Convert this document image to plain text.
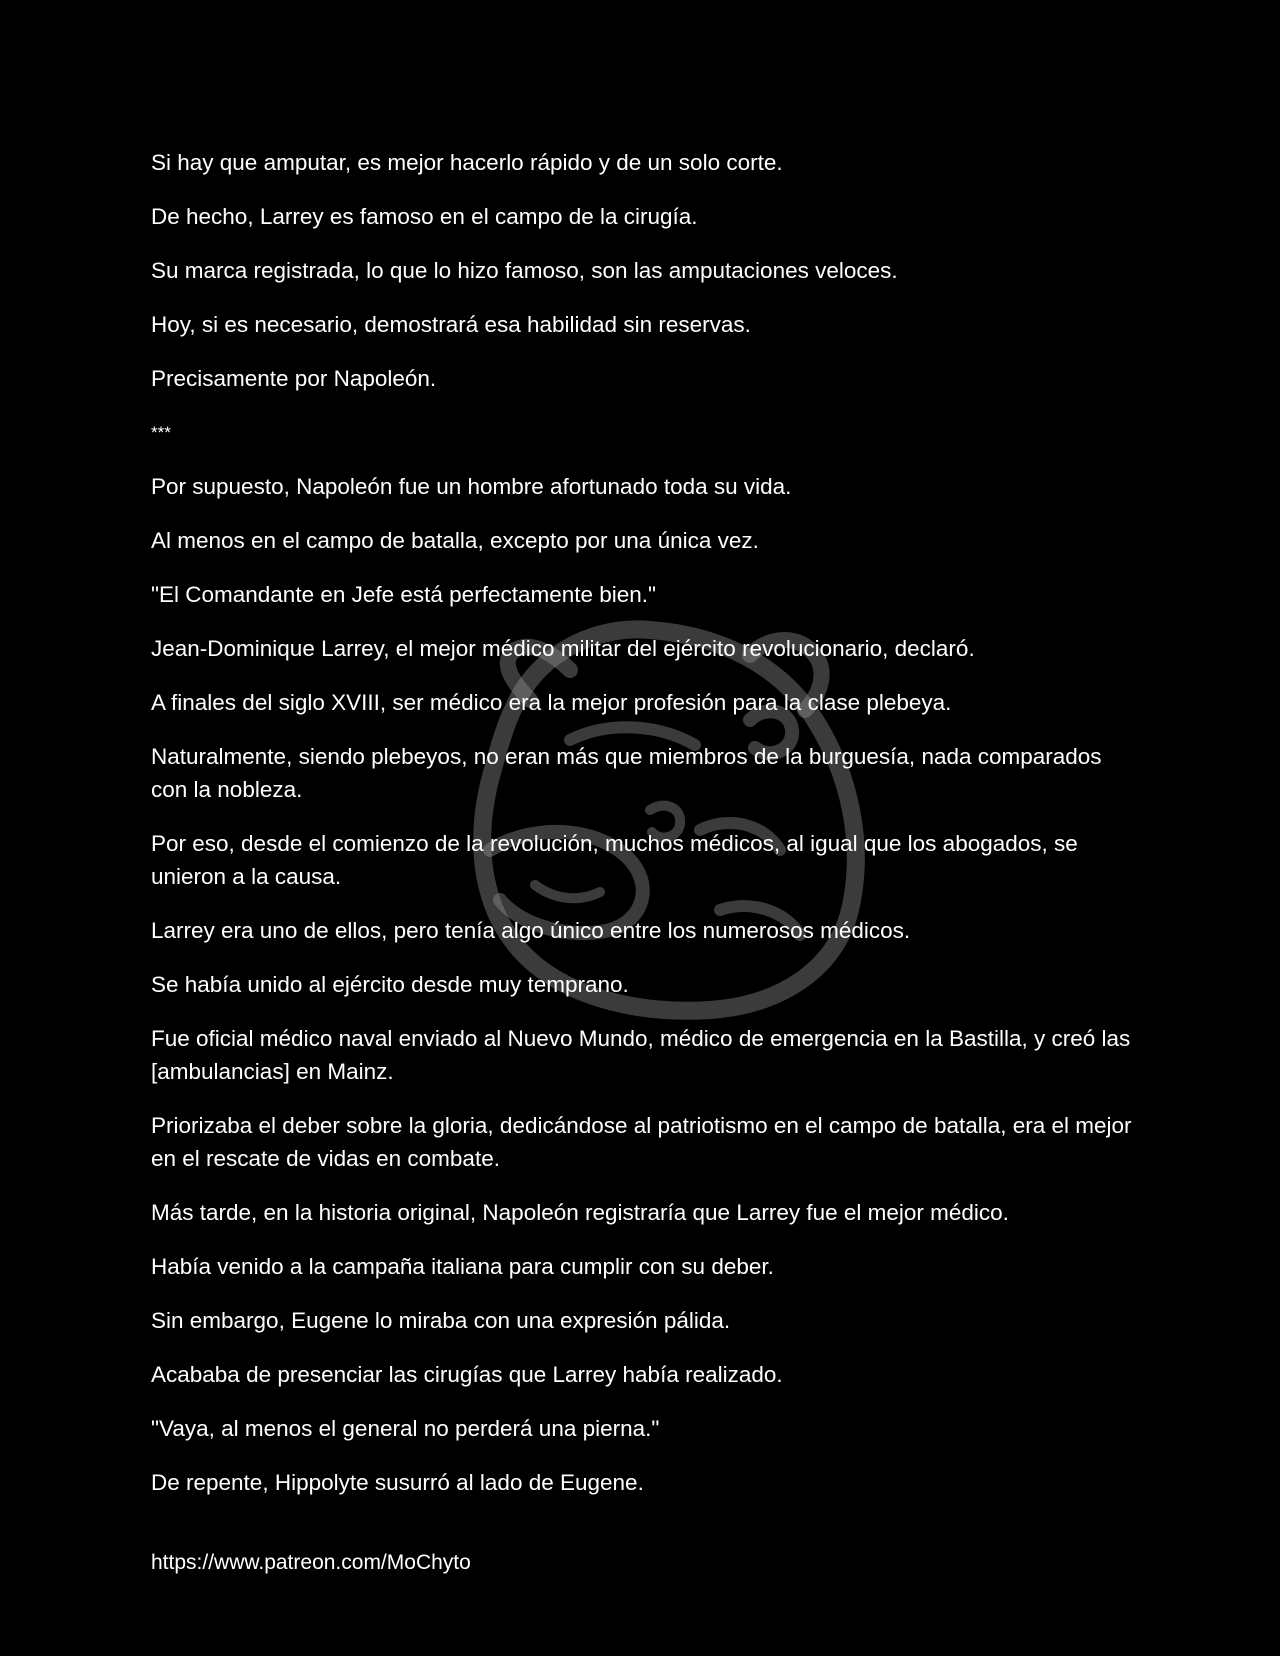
Si hay que amputar, es mejor hacerlo rápido y de un solo corte.

De hecho, Larrey es famoso en el campo de la cirugía.

Su marca registrada, lo que lo hizo famoso, son las amputaciones veloces.

Hoy, si es necesario, demostrará esa habilidad sin reservas.

Precisamente por Napoleón.

***

Por supuesto, Napoleón fue un hombre afortunado toda su vida.

Al menos en el campo de batalla, excepto por una única vez.

"El Comandante en Jefe está perfectamente bien."

Jean-Dominique Larrey, el mejor médico militar del ejército revolucionario, declaró.

A finales del siglo XVIII, ser médico era la mejor profesión para la clase plebeya.

Naturalmente, siendo plebeyos, no eran más que miembros de la burguesía, nada comparados con la nobleza.

Por eso, desde el comienzo de la revolución, muchos médicos, al igual que los abogados, se unieron a la causa.

Larrey era uno de ellos, pero tenía algo único entre los numerosos médicos.

Se había unido al ejército desde muy temprano.

Fue oficial médico naval enviado al Nuevo Mundo, médico de emergencia en la Bastilla, y creó las [ambulancias] en Mainz.

Priorizaba el deber sobre la gloria, dedicándose al patriotismo en el campo de batalla, era el mejor en el rescate de vidas en combate.

Más tarde, en la historia original, Napoleón registraría que Larrey fue el mejor médico.

Había venido a la campaña italiana para cumplir con su deber.

Sin embargo, Eugene lo miraba con una expresión pálida.

Acababa de presenciar las cirugías que Larrey había realizado.

"Vaya, al menos el general no perderá una pierna."

De repente, Hippolyte susurró al lado de Eugene.

https://www.patreon.com/MoChyto
